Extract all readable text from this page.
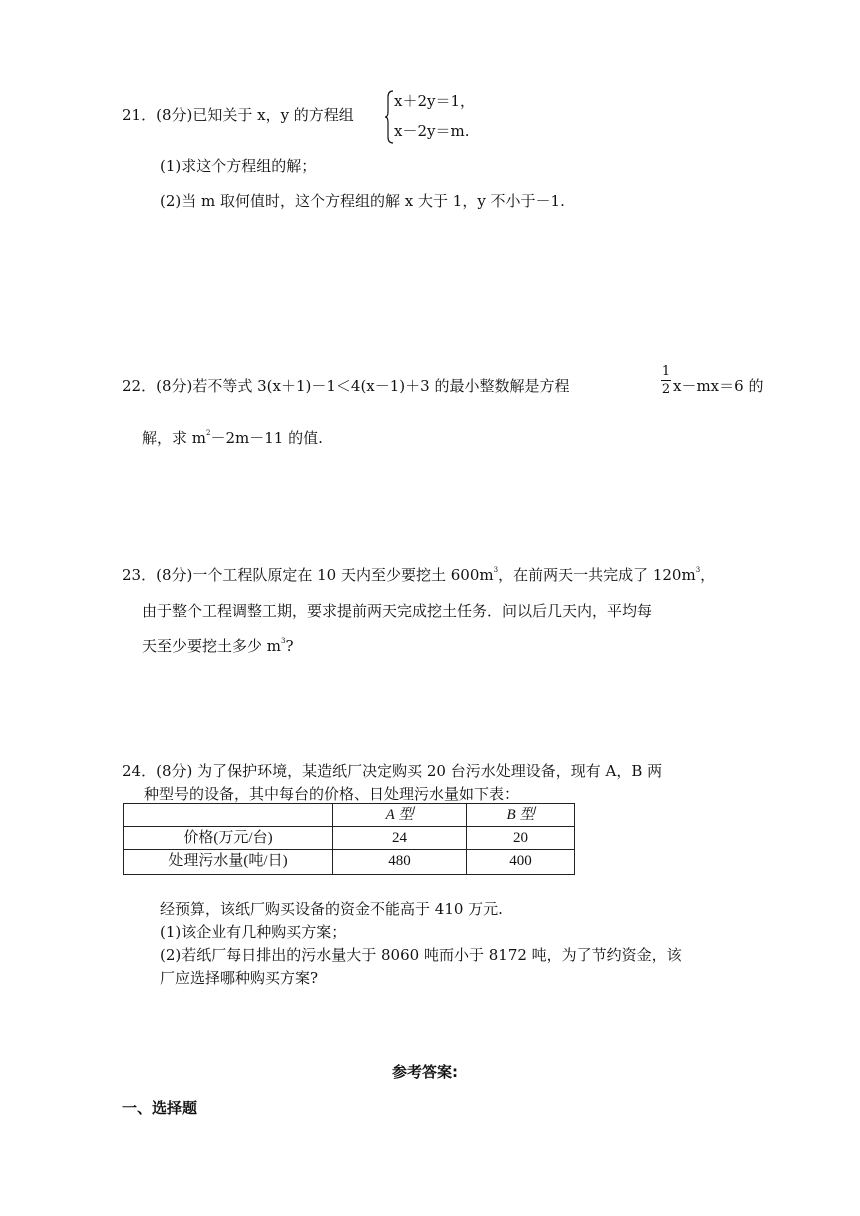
21．(8分)已知关于 x，y 的方程组
x＋2y＝1，
x－2y＝m.
(1)求这个方程组的解；
(2)当 m 取何值时，这个方程组的解 x 大于 1，y 不小于－1.
22．(8分)若不等式 3(x＋1)－1＜4(x－1)＋3 的最小整数解是方程
1
2 x－mx＝6 的
解，求 $m^2-2m-11$ 的值.
23．(8分)一个工程队原定在 10 天内至少要挖土 $600m^3$，在前两天一共完成了 $120m^3$，
由于整个工程调整工期，要求提前两天完成挖土任务．问以后几天内，平均每
天至少要挖土多少 $m^3$?
24．(8分) 为了保护环境，某造纸厂决定购买 20 台污水处理设备，现有 A，B 两
种型号的设备，其中每台的价格、日处理污水量如下表：
	A 型	B 型
价格(万元/台)	24	20
处理污水量(吨/日)	480	400
经预算，该纸厂购买设备的资金不能高于 410 万元.
(1)该企业有几种购买方案；
(2)若纸厂每日排出的污水量大于 8060 吨而小于 8172 吨，为了节约资金，该
厂应选择哪种购买方案?
参考答案:
一、选择题
